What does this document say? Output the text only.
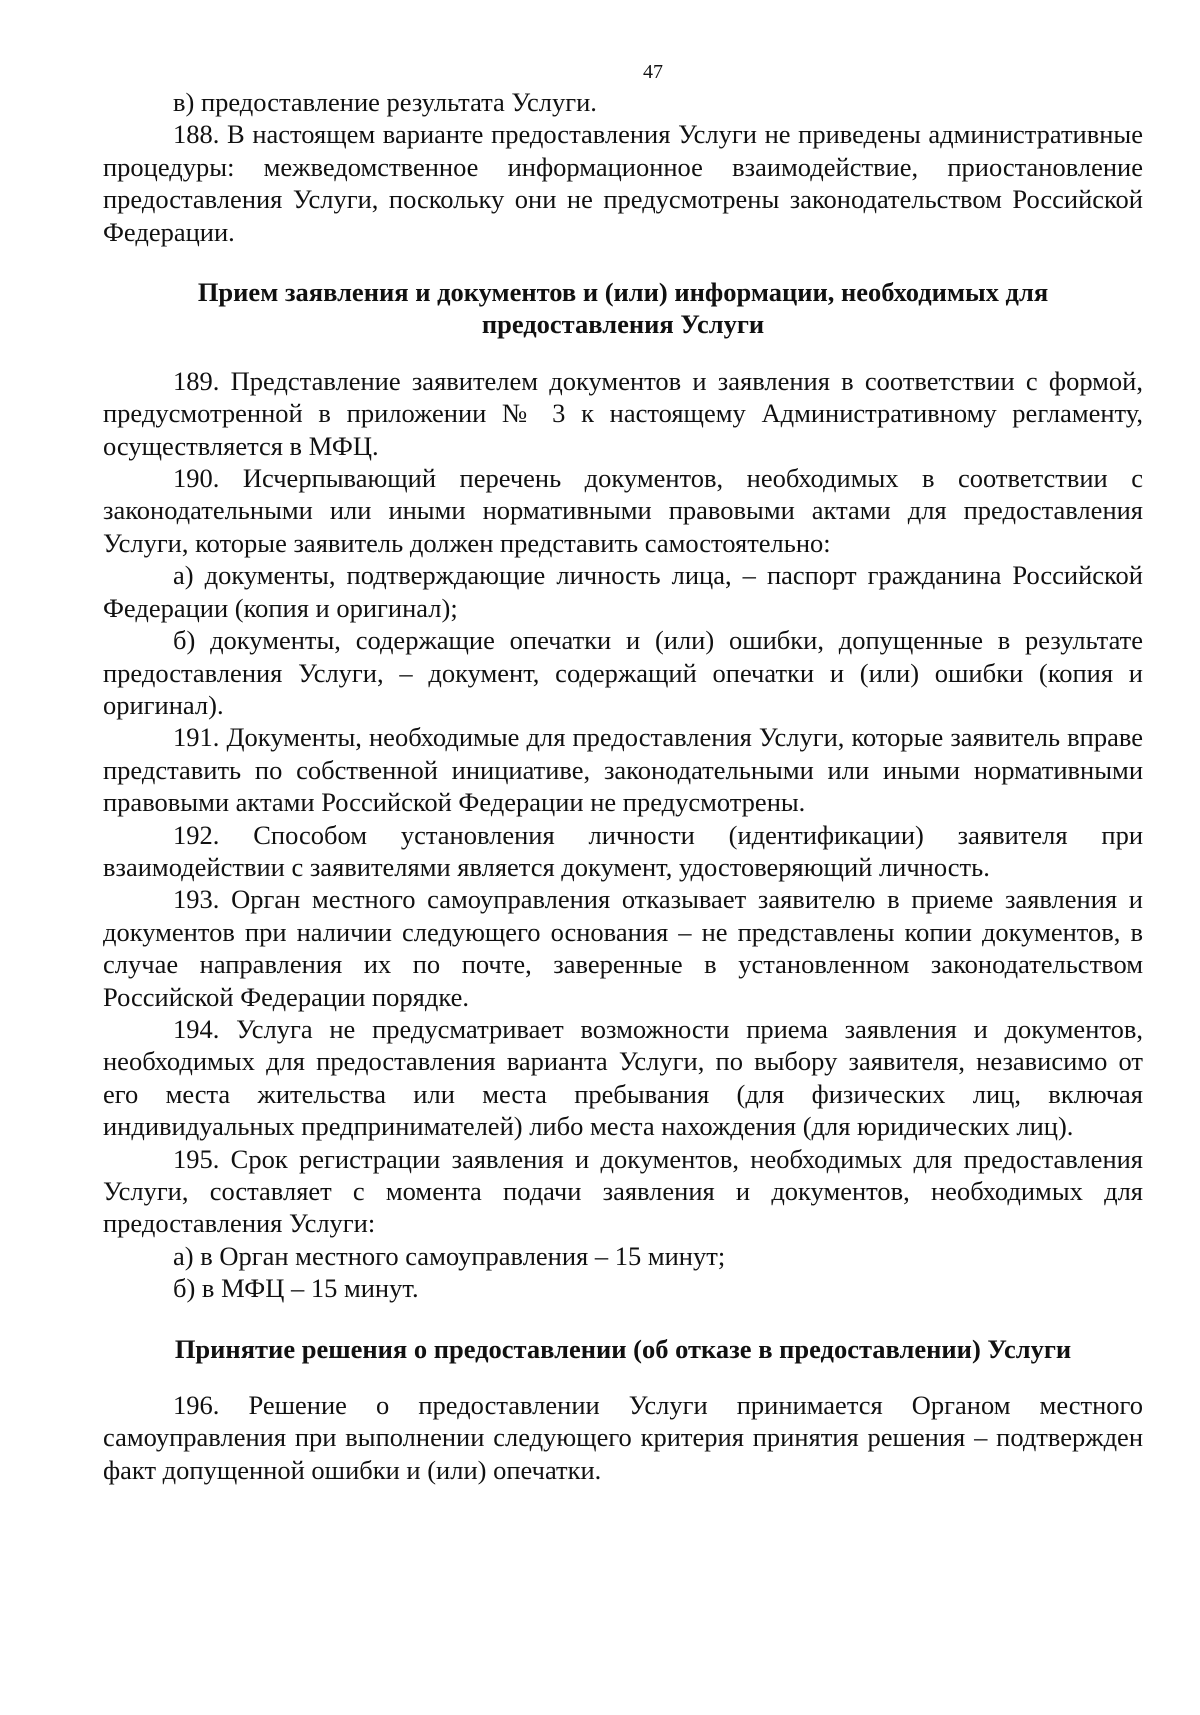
47

в) предоставление результата Услуги.

188. В настоящем варианте предоставления Услуги не приведены административные процедуры: межведомственное информационное взаимодействие, приостановление предоставления Услуги, поскольку они не предусмотрены законодательством Российской Федерации.

Прием заявления и документов и (или) информации, необходимых для предоставления Услуги

189. Представление заявителем документов и заявления в соответствии с формой, предусмотренной в приложении № 3 к настоящему Административному регламенту, осуществляется в МФЦ.

190. Исчерпывающий перечень документов, необходимых в соответствии с законодательными или иными нормативными правовыми актами для предоставления Услуги, которые заявитель должен представить самостоятельно:

а) документы, подтверждающие личность лица, – паспорт гражданина Российской Федерации (копия и оригинал);

б) документы, содержащие опечатки и (или) ошибки, допущенные в результате предоставления Услуги, – документ, содержащий опечатки и (или) ошибки (копия и оригинал).

191. Документы, необходимые для предоставления Услуги, которые заявитель вправе представить по собственной инициативе, законодательными или иными нормативными правовыми актами Российской Федерации не предусмотрены.

192. Способом установления личности (идентификации) заявителя при взаимодействии с заявителями является документ, удостоверяющий личность.

193. Орган местного самоуправления отказывает заявителю в приеме заявления и документов при наличии следующего основания – не представлены копии документов, в случае направления их по почте, заверенные в установленном законодательством Российской Федерации порядке.

194. Услуга не предусматривает возможности приема заявления и документов, необходимых для предоставления варианта Услуги, по выбору заявителя, независимо от его места жительства или места пребывания (для физических лиц, включая индивидуальных предпринимателей) либо места нахождения (для юридических лиц).

195. Срок регистрации заявления и документов, необходимых для предоставления Услуги, составляет с момента подачи заявления и документов, необходимых для предоставления Услуги:

а) в Орган местного самоуправления – 15 минут;

б) в МФЦ – 15 минут.

Принятие решения о предоставлении (об отказе в предоставлении) Услуги

196. Решение о предоставлении Услуги принимается Органом местного самоуправления при выполнении следующего критерия принятия решения – подтвержден факт допущенной ошибки и (или) опечатки.
